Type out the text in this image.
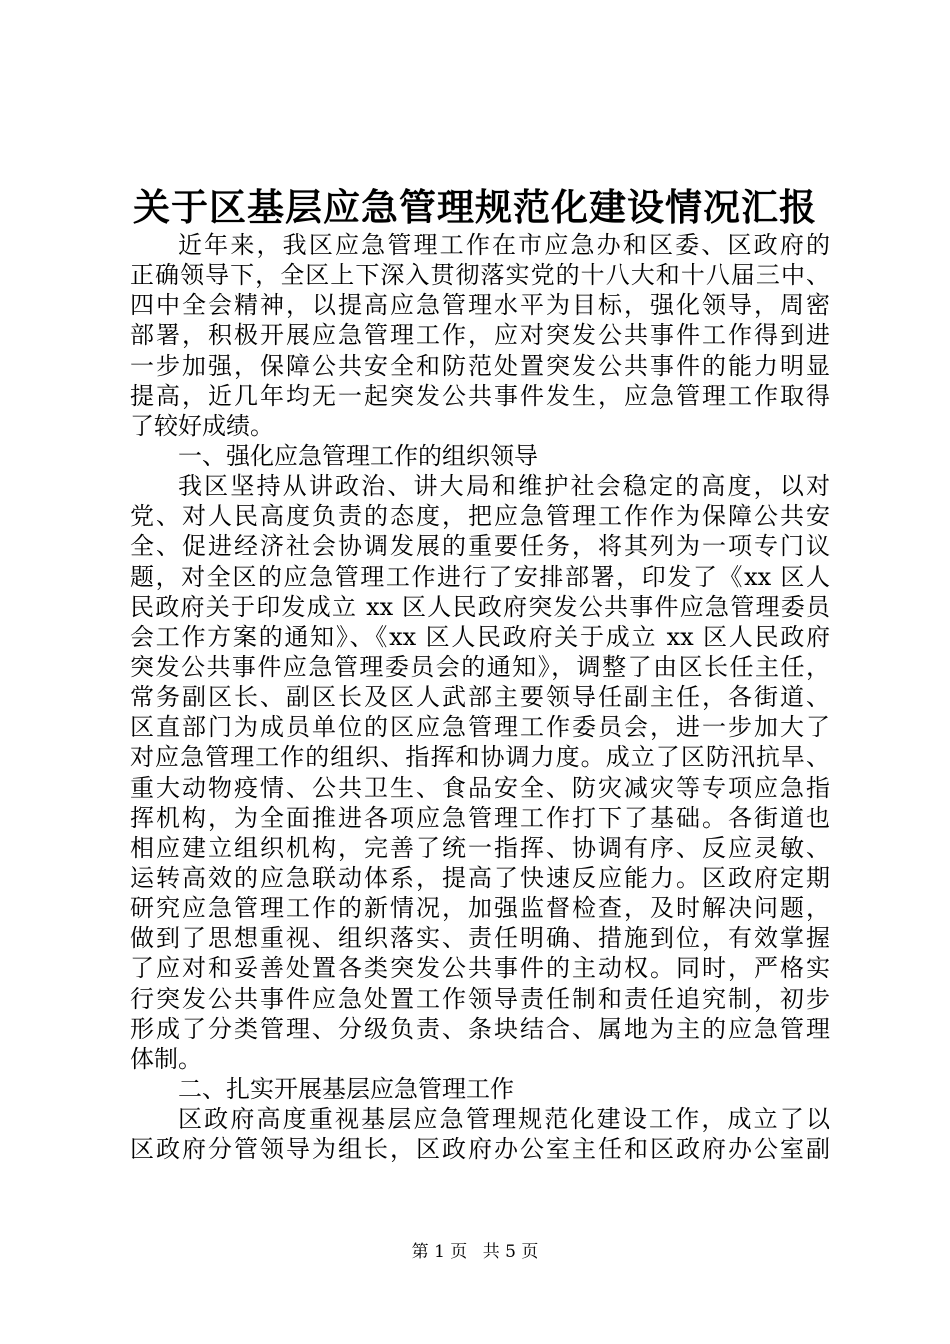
关于区基层应急管理规范化建设情况汇报
近年来，我区应急管理工作在市应急办和区委、区政府的
正确领导下，全区上下深入贯彻落实党的十八大和十八届三中、
四中全会精神，以提高应急管理水平为目标，强化领导，周密
部署，积极开展应急管理工作，应对突发公共事件工作得到进
一步加强，保障公共安全和防范处置突发公共事件的能力明显
提高，近几年均无一起突发公共事件发生，应急管理工作取得
了较好成绩。
一、强化应急管理工作的组织领导
我区坚持从讲政治、讲大局和维护社会稳定的高度，以对
党、对人民高度负责的态度，把应急管理工作作为保障公共安
全、促进经济社会协调发展的重要任务，将其列为一项专门议
题，对全区的应急管理工作进行了安排部署，印发了《xx 区人
民政府关于印发成立 xx 区人民政府突发公共事件应急管理委员
会工作方案的通知》、《xx 区人民政府关于成立 xx 区人民政府
突发公共事件应急管理委员会的通知》，调整了由区长任主任，
常务副区长、副区长及区人武部主要领导任副主任，各街道、
区直部门为成员单位的区应急管理工作委员会，进一步加大了
对应急管理工作的组织、指挥和协调力度。成立了区防汛抗旱、
重大动物疫情、公共卫生、食品安全、防灾减灾等专项应急指
挥机构，为全面推进各项应急管理工作打下了基础。各街道也
相应建立组织机构，完善了统一指挥、协调有序、反应灵敏、
运转高效的应急联动体系，提高了快速反应能力。区政府定期
研究应急管理工作的新情况，加强监督检查，及时解决问题，
做到了思想重视、组织落实、责任明确、措施到位，有效掌握
了应对和妥善处置各类突发公共事件的主动权。同时，严格实
行突发公共事件应急处置工作领导责任制和责任追究制，初步
形成了分类管理、分级负责、条块结合、属地为主的应急管理
体制。
二、扎实开展基层应急管理工作
区政府高度重视基层应急管理规范化建设工作，成立了以
区政府分管领导为组长，区政府办公室主任和区政府办公室副
第 1 页 共 5 页
